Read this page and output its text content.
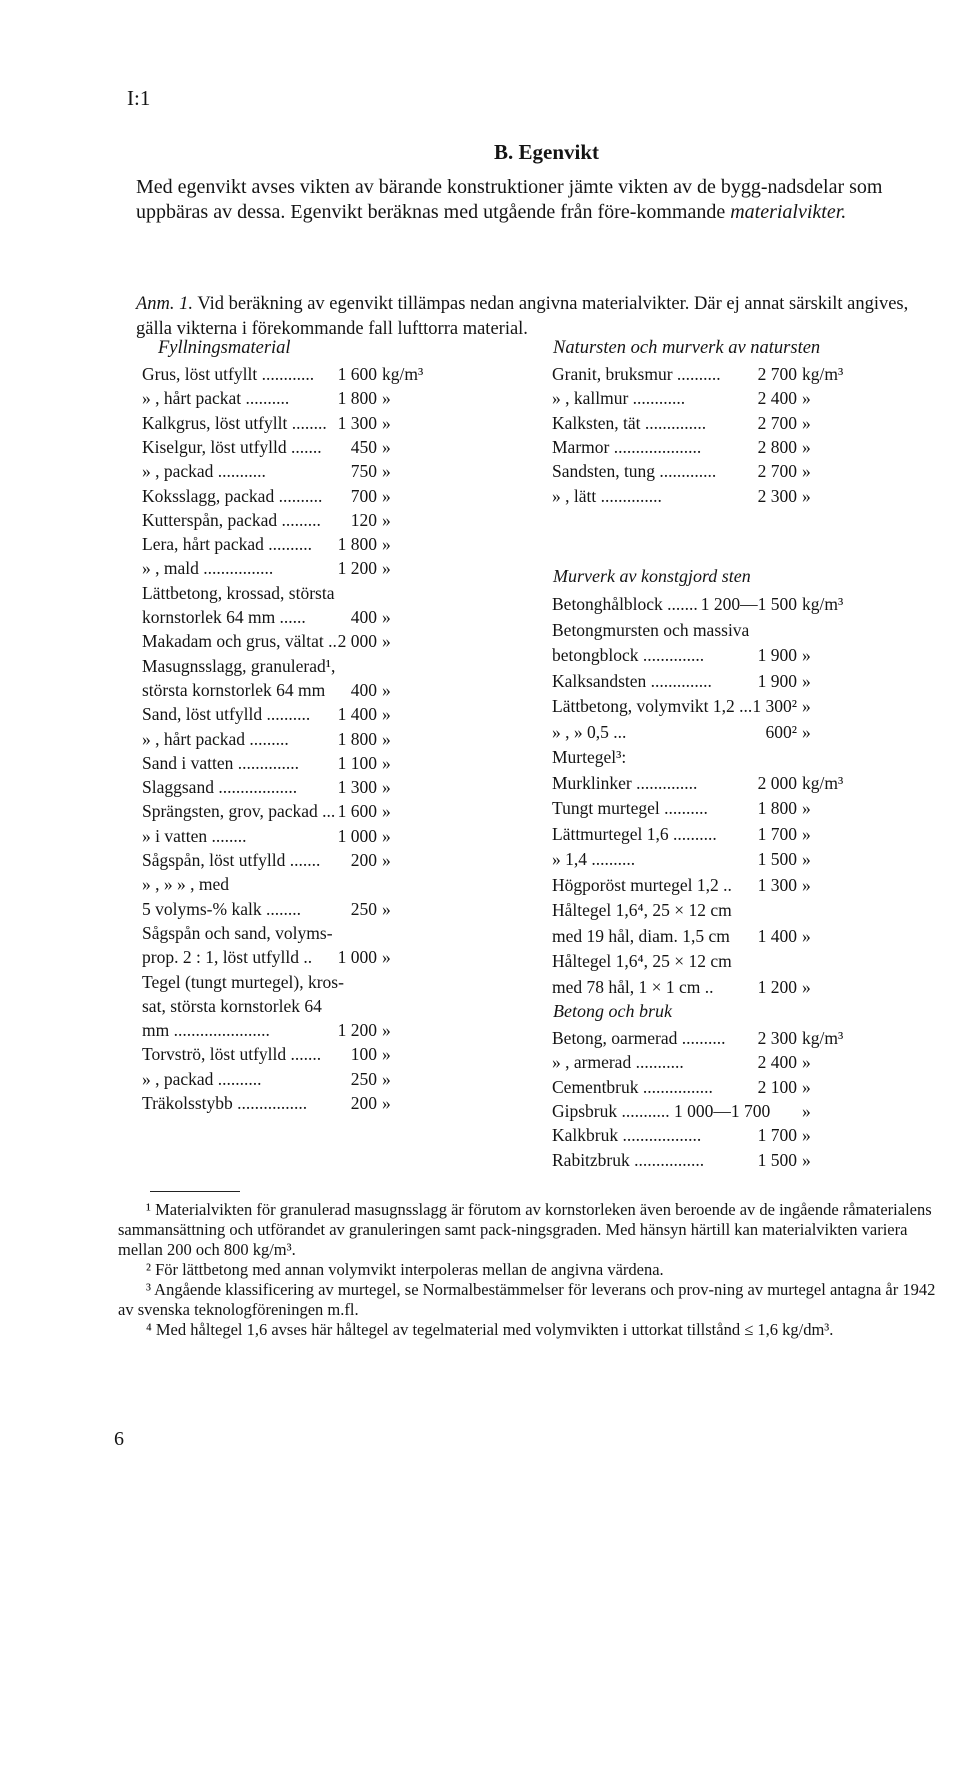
I:1
B. Egenvikt

Med egenvikt avses vikten av bärande konstruktioner jämte vikten av de bygg-nadsdelar som uppbäras av dessa. Egenvikt beräknas med utgående från före-kommande materialvikter.

Anm. 1. Vid beräkning av egenvikt tillämpas nedan angivna materialvikter. Där ej annat särskilt angives, gälla vikterna i förekommande fall lufttorra material.
Fyllningsmaterial
Grus, löst utfyllt ............	1 600 kg/m³
» , hårt packat ..........	1 800 »
Kalkgrus, löst utfyllt ........ 1 300 »
Kiselgur, löst utfylld .......	450 »
» , packad ...........	750 »
Koksslagg, packad ..........	700 »
Kutterspån, packad .........	120 »
Lera, hårt packad ..........	1 800 »
» , mald ................	1 200 »
Lättbetong, krossad, största
kornstorlek 64 mm ......	400 »
Makadam och grus, vältat .. 2 000 »
Masugnsslagg, granulerad¹,
största kornstorlek 64 mm	400 »
Sand, löst utfylld ..........	1 400 »
» , hårt packad .........	1 800 »
Sand i vatten ..............	1 100 »
Slaggsand ..................	1 300 »
Sprängsten, grov, packad ... 1 600 »
» i vatten ........	1 000 »
Sågspån, löst utfylld .......	200 »
» , » » , med
5 volyms-% kalk ........	250 »
Sågspån och sand, volyms-
prop. 2 : 1, löst utfylld ..	1 000 »
Tegel (tungt murtegel), kros-
sat, största kornstorlek 64
mm ......................	1 200 »
Torvströ, löst utfylld .......	100 »
» , packad ..........	250 »
Träkolsstybb ................	200 »
Natursten och murverk av natursten
Granit, bruksmur ..........	2 700 kg/m³
» , kallmur ............	2 400 »
Kalksten, tät ..............	2 700 »
Marmor ....................	2 800 »
Sandsten, tung .............	2 700 »
» , lätt ..............	2 300 »
Murverk av konstgjord sten
Betonghålblock ....... 1 200—1 500 kg/m³
Betongmursten och massiva
betongblock ..............	1 900 »
Kalksandsten ..............	1 900 »
Lättbetong, volymvikt 1,2 ... 1 300² »
» , » 0,5 ...	600² »
Murtegel³:
Murklinker ..............	2 000 kg/m³
Tungt murtegel ..........	1 800 »
Lättmurtegel 1,6 ..........	1 700 »
» 1,4 ..........	1 500 »
Högporöst murtegel 1,2 ..	1 300 »
Håltegel 1,6⁴, 25 × 12 cm
med 19 hål, diam. 1,5 cm	1 400 »
Håltegel 1,6⁴, 25 × 12 cm
med 78 hål, 1 × 1 cm ..	1 200 »
Betong och bruk
Betong, oarmerad ..........	2 300 kg/m³
» , armerad ...........	2 400 »
Cementbruk ................	2 100 »
Gipsbruk ........... 1 000—1 700 »
Kalkbruk ..................	1 700 »
Rabitzbruk ................	1 500 »

¹ Materialvikten för granulerad masugnsslagg är förutom av kornstorleken även beroende av de ingående råmaterialens sammansättning och utförandet av granuleringen samt pack-ningsgraden. Med hänsyn härtill kan materialvikten variera mellan 200 och 800 kg/m³.

² För lättbetong med annan volymvikt interpoleras mellan de angivna värdena.

³ Angående klassificering av murtegel, se Normalbestämmelser för leverans och prov-ning av murtegel antagna år 1942 av svenska teknologföreningen m.fl.

⁴ Med håltegel 1,6 avses här håltegel av tegelmaterial med volymvikten i uttorkat tillstånd ≤ 1,6 kg/dm³.

6
